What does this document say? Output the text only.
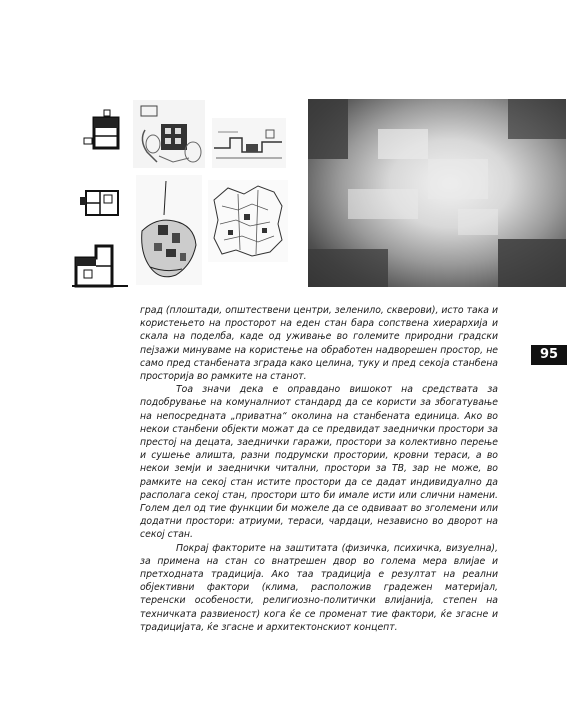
95

град (плоштади, општествени центри, зеленило, скверови), исто така и користењето на просторот на еден стан бара сопствена хиерархија и скала на поделба, каде од уживање во големите природни градски пејзажи минуваме на користење на обработен надворешен простор, не само пред станбената зграда како целина, туку и пред секоја станбена просторија во рамките на станот.

Тоа значи дека е оправдано вишокот на средствата за подобрување на комуналниот стандард да се користи за збогатување на непосредната „приватна“ околина на станбената единица. Ако во некои станбени објекти можат да се предвидат заеднички простори за престој на децата, заеднички гаражи, простори за колективно перење и сушење алишта, разни подрумски простории, кровни тераси, а во некои земји и заеднички читални, простори за ТВ, зар не може, во рамките на секој стан истите простори да се дадат индивидуално да располага секој стан, простори што би имале исти или слични намени. Голем дел од тие функции би можеле да се одвиваат во зголемени или додатни простори: атриуми, тераси, чардаци, независно во дворот на секој стан.

Покрај факторите на заштитата (физичка, психичка, визуелна), за примена на стан со внатрешен двор во голема мера влијае и претходната традиција. Ако таа традиција е резултат на реални објективни фактори (клима, расположив градежен материјал, теренски особености, религиозно-политички влијанија, степен на техничката развиеност) кога ќе се променат тие фактори, ќе згасне и традицијата, ќе згасне и архитектонскиот концепт.
